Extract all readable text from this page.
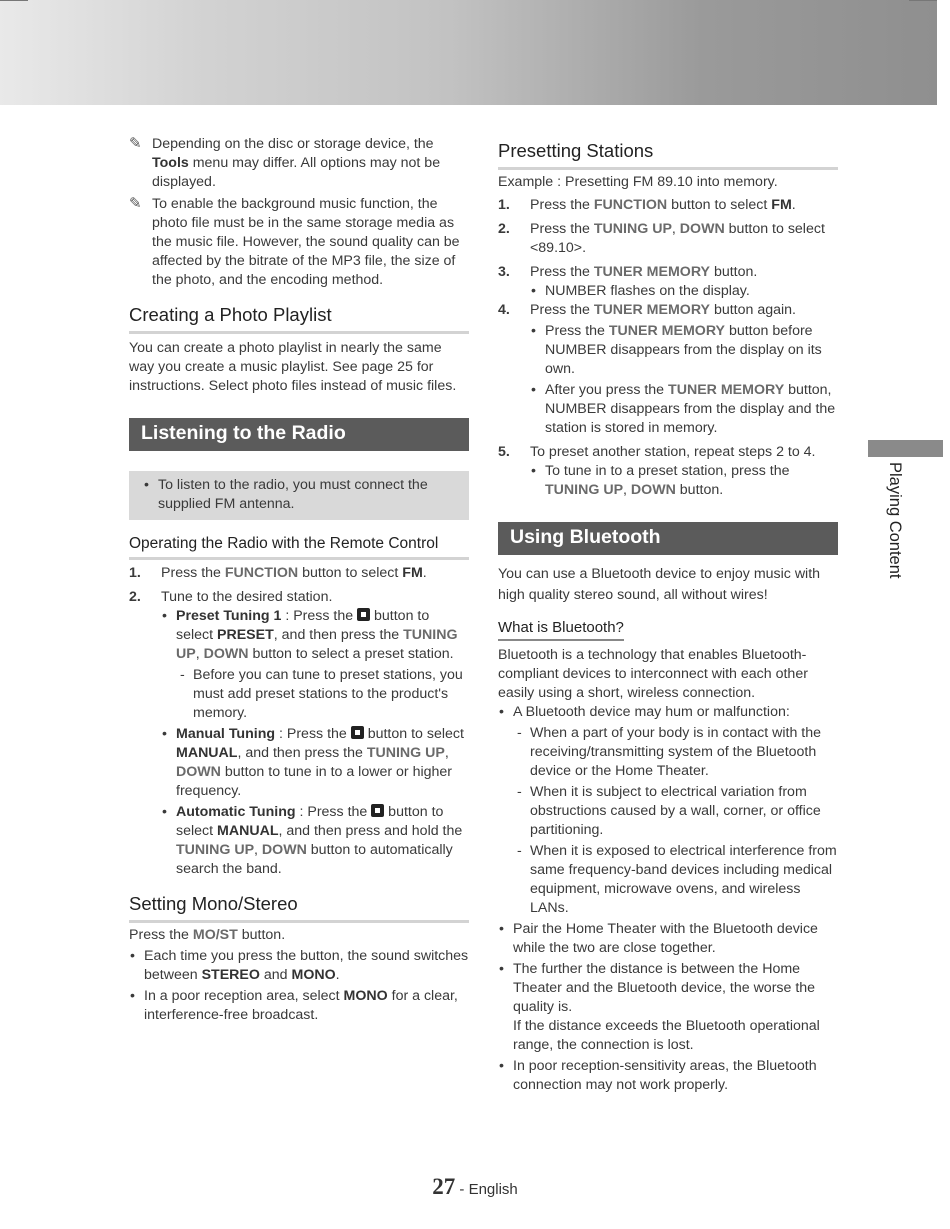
✎ Depending on the disc or storage device, the Tools menu may differ. All options may not be displayed.

✎ To enable the background music function, the photo file must be in the same storage media as the music file. However, the sound quality can be affected by the bitrate of the MP3 file, the size of the photo, and the encoding method.

Creating a Photo Playlist

You can create a photo playlist in nearly the same way you create a music playlist. See page 25 for instructions. Select photo files instead of music files.

Listening to the Radio
• To listen to the radio, you must connect the supplied FM antenna.
Operating the Radio with the Remote Control
1. Press the FUNCTION button to select FM.
2. Tune to the desired station.
• Preset Tuning 1 : Press the  button to select PRESET, and then press the TUNING UP, DOWN button to select a preset station.
- Before you can tune to preset stations, you must add preset stations to the product's memory.
• Manual Tuning : Press the  button to select MANUAL, and then press the TUNING UP, DOWN button to tune in to a lower or higher frequency.
• Automatic Tuning : Press the  button to select MANUAL, and then press and hold the TUNING UP, DOWN button to automatically search the band.
Setting Mono/Stereo

Press the MO/ST button.

• Each time you press the button, the sound switches between STEREO and MONO.
• In a poor reception area, select MONO for a clear, interference-free broadcast.
Presetting Stations

Example : Presetting FM 89.10 into memory.

1. Press the FUNCTION button to select FM.
2. Press the TUNING UP, DOWN button to select <89.10>.
3. Press the TUNER MEMORY button.
• NUMBER flashes on the display.
4. Press the TUNER MEMORY button again.
• Press the TUNER MEMORY button before NUMBER disappears from the display on its own.
• After you press the TUNER MEMORY button, NUMBER disappears from the display and the station is stored in memory.
5. To preset another station, repeat steps 2 to 4.
• To tune in to a preset station, press the TUNING UP, DOWN button.
Using Bluetooth

You can use a Bluetooth device to enjoy music with high quality stereo sound, all without wires!

What is Bluetooth?

Bluetooth is a technology that enables Bluetooth-compliant devices to interconnect with each other easily using a short, wireless connection.

• A Bluetooth device may hum or malfunction:
- When a part of your body is in contact with the receiving/transmitting system of the Bluetooth device or the Home Theater.
- When it is subject to electrical variation from obstructions caused by a wall, corner, or office partitioning.
- When it is exposed to electrical interference from same frequency-band devices including medical equipment, microwave ovens, and wireless LANs.
• Pair the Home Theater with the Bluetooth device while the two are close together.
• The further the distance is between the Home Theater and the Bluetooth device, the worse the quality is.
If the distance exceeds the Bluetooth operational range, the connection is lost.
• In poor reception-sensitivity areas, the Bluetooth connection may not work properly.
Playing Content
27 - English
